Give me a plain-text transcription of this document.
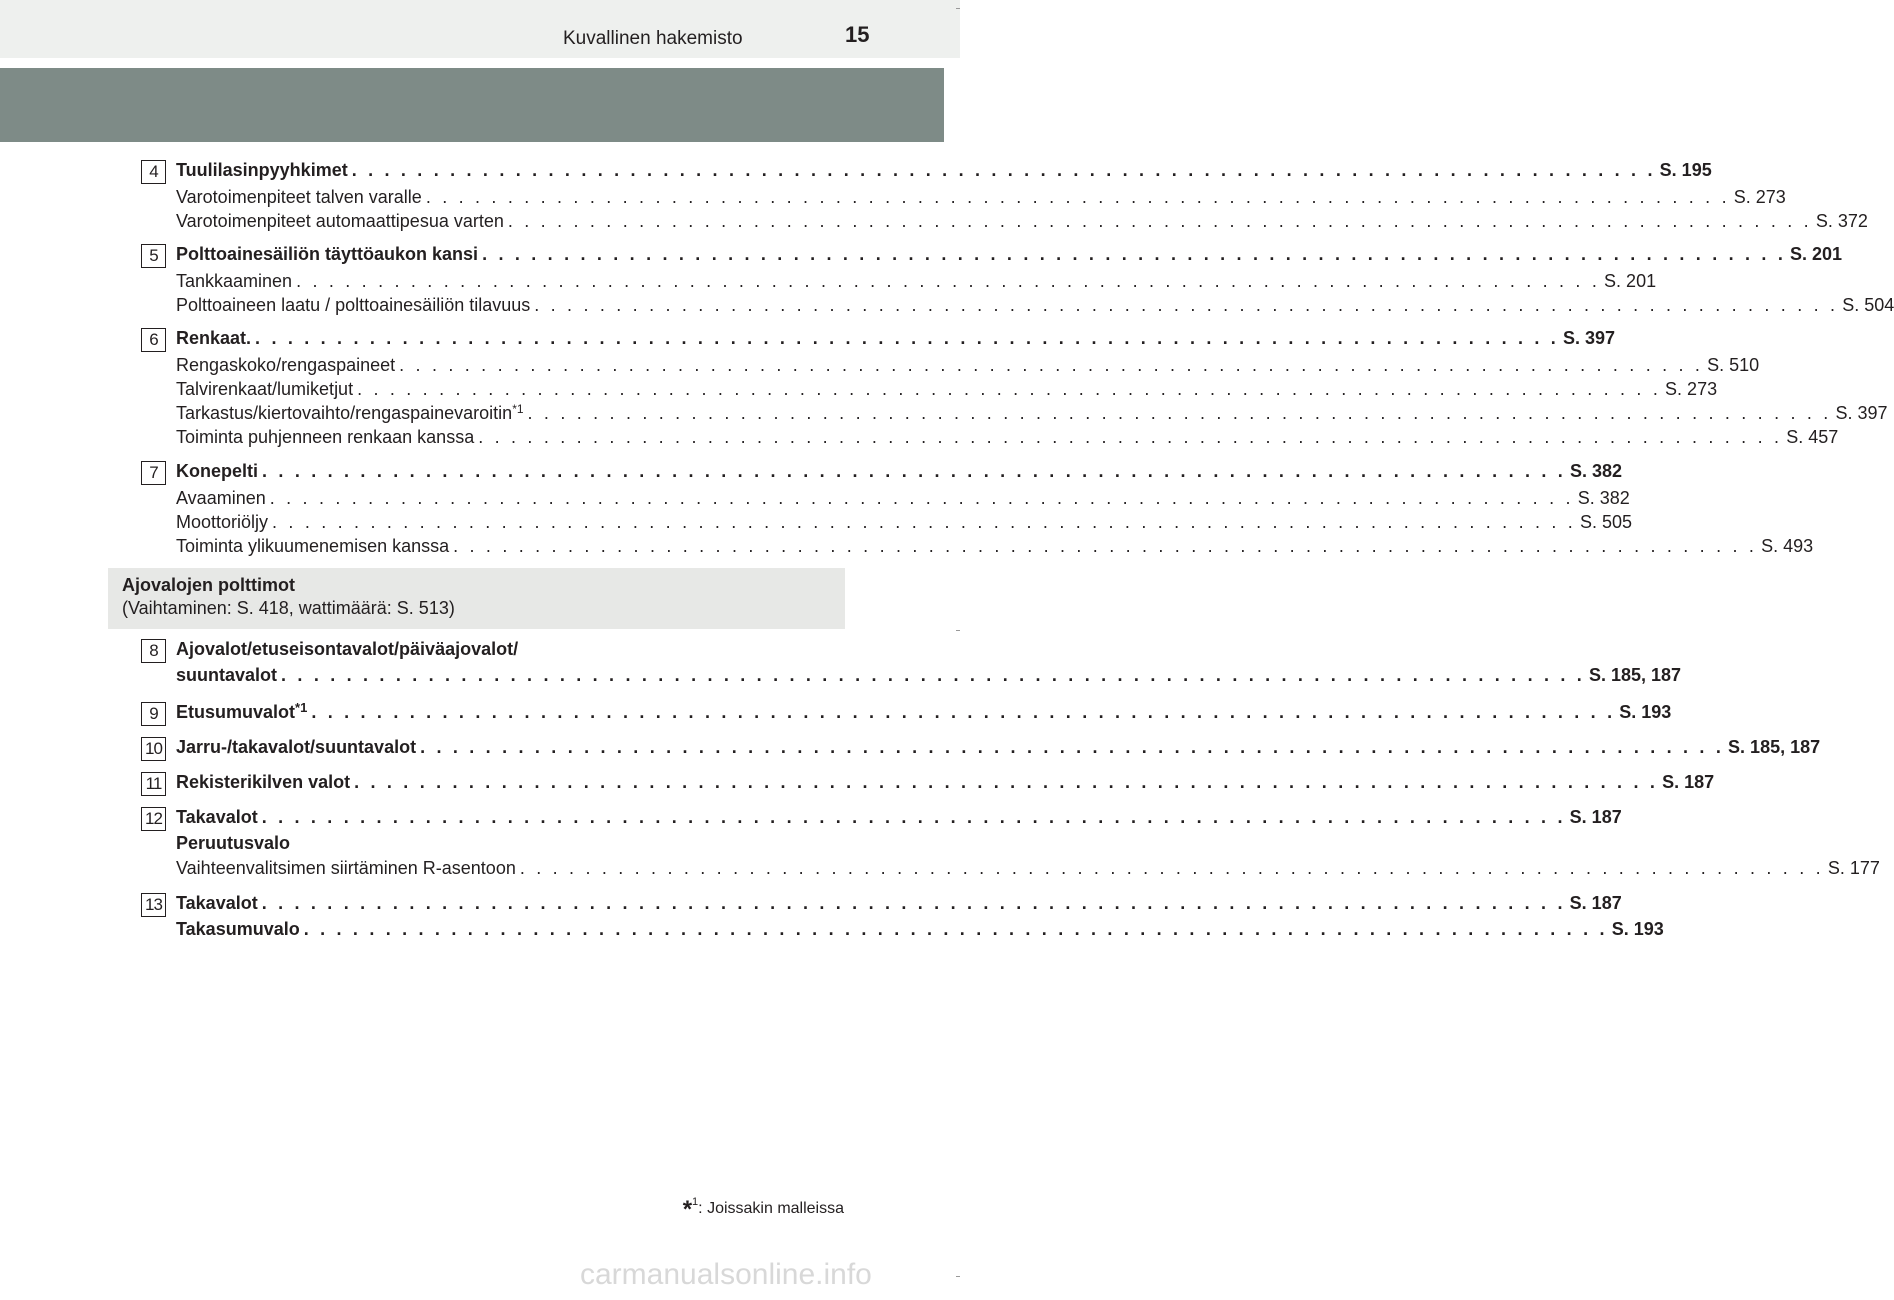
Kuvallinen hakemisto	15
4	Tuulilasinpyyhkimet . . . . . . . . . . . . . . . . . . . . . . . . . . . . . . . . . . . . . . . . . . . . . . . . . . . . . . . . . . . . . . . . . . . . . . . . . . . . . . . . S. 195
Varotoimenpiteet talven varalle . . . . . . . . . . . . . . . . . . . . . . . . . . . . . . . . . . . . . . . . . . . . . . . . . . . . . . . . . . . . . . . . . . . . . . . . . . . . . . . . S. 273
Varotoimenpiteet automaattipesua varten . . . . . . . . . . . . . . . . . . . . . . . . . . . . . . . . . . . . . . . . . . . . . . . . . . . . . . . . . . . . . . . . . . . . . . . . . . . . . . . . S. 372
5	Polttoainesäiliön täyttöaukon kansi . . . . . . . . . . . . . . . . . . . . . . . . . . . . . . . . . . . . . . . . . . . . . . . . . . . . . . . . . . . . . . . . . . . . . . . . . . . . . . . . S. 201
Tankkaaminen . . . . . . . . . . . . . . . . . . . . . . . . . . . . . . . . . . . . . . . . . . . . . . . . . . . . . . . . . . . . . . . . . . . . . . . . . . . . . . . . S. 201
Polttoaineen laatu / polttoainesäiliön tilavuus . . . . . . . . . . . . . . . . . . . . . . . . . . . . . . . . . . . . . . . . . . . . . . . . . . . . . . . . . . . . . . . . . . . . . . . . . . . . . . . . S. 504
6	Renkaat. . . . . . . . . . . . . . . . . . . . . . . . . . . . . . . . . . . . . . . . . . . . . . . . . . . . . . . . . . . . . . . . . . . . . . . . . . . . . . . . . S. 397
Rengaskoko/rengaspaineet . . . . . . . . . . . . . . . . . . . . . . . . . . . . . . . . . . . . . . . . . . . . . . . . . . . . . . . . . . . . . . . . . . . . . . . . . . . . . . . . S. 510
Talvirenkaat/lumiketjut . . . . . . . . . . . . . . . . . . . . . . . . . . . . . . . . . . . . . . . . . . . . . . . . . . . . . . . . . . . . . . . . . . . . . . . . . . . . . . . . S. 273
Tarkastus/kiertovaihto/rengaspainevaroitin$^{*1}$ . . . . . . . . . . . . . . . . . . . . . . . . . . . . . . . . . . . . . . . . . . . . . . . . . . . . . . . . . . . . . . . . . . . . . . . . . . . . . . . . S. 397
Toiminta puhjenneen renkaan kanssa . . . . . . . . . . . . . . . . . . . . . . . . . . . . . . . . . . . . . . . . . . . . . . . . . . . . . . . . . . . . . . . . . . . . . . . . . . . . . . . . S. 457
7	Konepelti . . . . . . . . . . . . . . . . . . . . . . . . . . . . . . . . . . . . . . . . . . . . . . . . . . . . . . . . . . . . . . . . . . . . . . . . . . . . . . . . S. 382
Avaaminen . . . . . . . . . . . . . . . . . . . . . . . . . . . . . . . . . . . . . . . . . . . . . . . . . . . . . . . . . . . . . . . . . . . . . . . . . . . . . . . . S. 382
Moottoriöljy . . . . . . . . . . . . . . . . . . . . . . . . . . . . . . . . . . . . . . . . . . . . . . . . . . . . . . . . . . . . . . . . . . . . . . . . . . . . . . . . S. 505
Toiminta ylikuumenemisen kanssa . . . . . . . . . . . . . . . . . . . . . . . . . . . . . . . . . . . . . . . . . . . . . . . . . . . . . . . . . . . . . . . . . . . . . . . . . . . . . . . . S. 493
8	Ajovalot/etuseisontavalot/päiväajovalot/
suuntavalot . . . . . . . . . . . . . . . . . . . . . . . . . . . . . . . . . . . . . . . . . . . . . . . . . . . . . . . . . . . . . . . . . . . . . . . . . . . . . . . . S. 185, 187
9	Etusumuvalot$^{*1}$ . . . . . . . . . . . . . . . . . . . . . . . . . . . . . . . . . . . . . . . . . . . . . . . . . . . . . . . . . . . . . . . . . . . . . . . . . . . . . . . . S. 193
10 Jarru-/takavalot/suuntavalot . . . . . . . . . . . . . . . . . . . . . . . . . . . . . . . . . . . . . . . . . . . . . . . . . . . . . . . . . . . . . . . . . . . . . . . . . . . . . . . . S. 185, 187
11 Rekisterikilven valot . . . . . . . . . . . . . . . . . . . . . . . . . . . . . . . . . . . . . . . . . . . . . . . . . . . . . . . . . . . . . . . . . . . . . . . . . . . . . . . . S. 187
12 Takavalot . . . . . . . . . . . . . . . . . . . . . . . . . . . . . . . . . . . . . . . . . . . . . . . . . . . . . . . . . . . . . . . . . . . . . . . . . . . . . . . . S. 187
Peruutusvalo
Vaihteenvalitsimen siirtäminen R-asentoon . . . . . . . . . . . . . . . . . . . . . . . . . . . . . . . . . . . . . . . . . . . . . . . . . . . . . . . . . . . . . . . . . . . . . . . . . . . . . . . . S. 177
13 Takavalot . . . . . . . . . . . . . . . . . . . . . . . . . . . . . . . . . . . . . . . . . . . . . . . . . . . . . . . . . . . . . . . . . . . . . . . . . . . . . . . . S. 187
Takasumuvalo . . . . . . . . . . . . . . . . . . . . . . . . . . . . . . . . . . . . . . . . . . . . . . . . . . . . . . . . . . . . . . . . . . . . . . . . . . . . . . . . S. 193
Ajovalojen polttimot
(Vaihtaminen: S. 418, wattimäärä: S. 513)
*$^1$: Joissakin malleissa
carmanualsonline.info
